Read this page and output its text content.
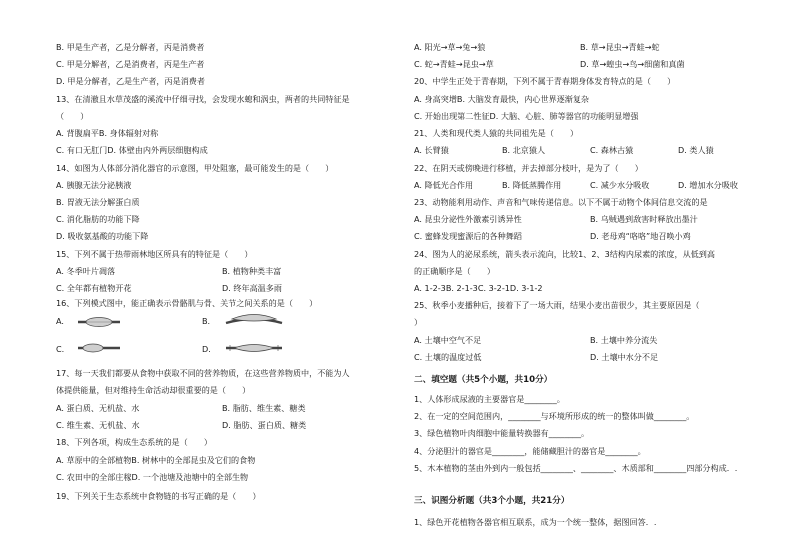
B. 甲是生产者，乙是分解者，丙是消费者
C. 甲是分解者，乙是消费者，丙是生产者
D. 甲是分解者，乙是生产者，丙是消费者
13、在清澈且水草茂盛的溪流中仔细寻找，会发现水螅和涡虫，两者的共同特征是
（　　）
A. 背腹扁平B. 身体辐射对称
C. 有口无肛门D. 体壁由内外两层细胞构成
14、如图为人体部分消化器官的示意图，甲处阻塞，最可能发生的是（　　）
A. 胰腺无法分泌胰液
B. 胃液无法分解蛋白质
C. 消化脂肪的功能下降
D. 吸收氨基酸的功能下降
15、下列不属于热带雨林地区所具有的特征是（　　）
A. 冬季叶片凋落	B. 植物种类丰富
C. 全年都有植物开花	D. 终年高温多雨
16、下列模式图中，能正确表示骨骼肌与骨、关节之间关系的是（　　）
A.	B.
C.	D.
17、每一天我们都要从食物中获取不同的营养物质，在这些营养物质中，不能为人
体提供能量，但对维持生命活动却很重要的是（　　）
A. 蛋白质、无机盐、水	B. 脂肪、维生素、糖类
C. 维生素、无机盐、水	D. 脂肪、蛋白质、糖类
18、下列各项，构成生态系统的是（　　）
A. 草原中的全部植物B. 树林中的全部昆虫及它们的食物
C. 农田中的全部庄稼D. 一个池塘及池塘中的全部生物
19、下列关于生态系统中食物链的书写正确的是（　　）
A. 阳光→草→兔→狼	B. 草→昆虫→青蛙→蛇
C. 蛇→青蛙→昆虫→草	D. 草→蝗虫→鸟→细菌和真菌
20、中学生正处于青春期，下列不属于青春期身体发育特点的是（　　）
A. 身高突增B. 大脑发育最快，内心世界逐渐复杂
C. 开始出现第二性征D. 大脑、心脏、肺等器官的功能明显增强
21、人类和现代类人猿的共同祖先是（　　）
A. 长臂猿	B. 北京猿人	C. 森林古猿	D. 类人猿
22、在阴天或傍晚进行移植，并去掉部分枝叶，是为了（　　）
A. 降低光合作用	B. 降低蒸腾作用	C. 减少水分吸收	D. 增加水分吸收
23、动物能利用动作、声音和气味传递信息。以下不属于动物个体间信息交流的是
A. 昆虫分泌性外激素引诱异性	B. 乌贼遇到敌害时释放出墨汁
C. 蜜蜂发现蜜源后的各种舞蹈	D. 老母鸡“咯咯”地召唤小鸡
24、图为人的泌尿系统，箭头表示流向，比较1、2、3结构内尿素的浓度，从低到高
的正确顺序是（　　）
A. 1-2-3B. 2-1-3C. 3-2-1D. 3-1-2
25、秋季小麦播种后，接着下了一场大雨，结果小麦出苗很少，其主要原因是（
）
A. 土壤中空气不足	B. 土壤中养分流失
C. 土壤的温度过低	D. 土壤中水分不足
二、填空题（共5个小题，共10分）
1、人体形成尿液的主要器官是________。
2、在一定的空间范围内，________与环境所形成的统一的整体叫做________。
3、绿色植物叶肉细胞中能量转换器有________。
4、分泌胆汁的器官是________，能储藏胆汁的器官是________。
5、木本植物的茎由外到内一般包括________、________、木质部和________四部分构成．.
三、识图分析题（共3个小题，共21分）
1、绿色开花植物各器官相互联系，成为一个统一整体，据图回答．.
